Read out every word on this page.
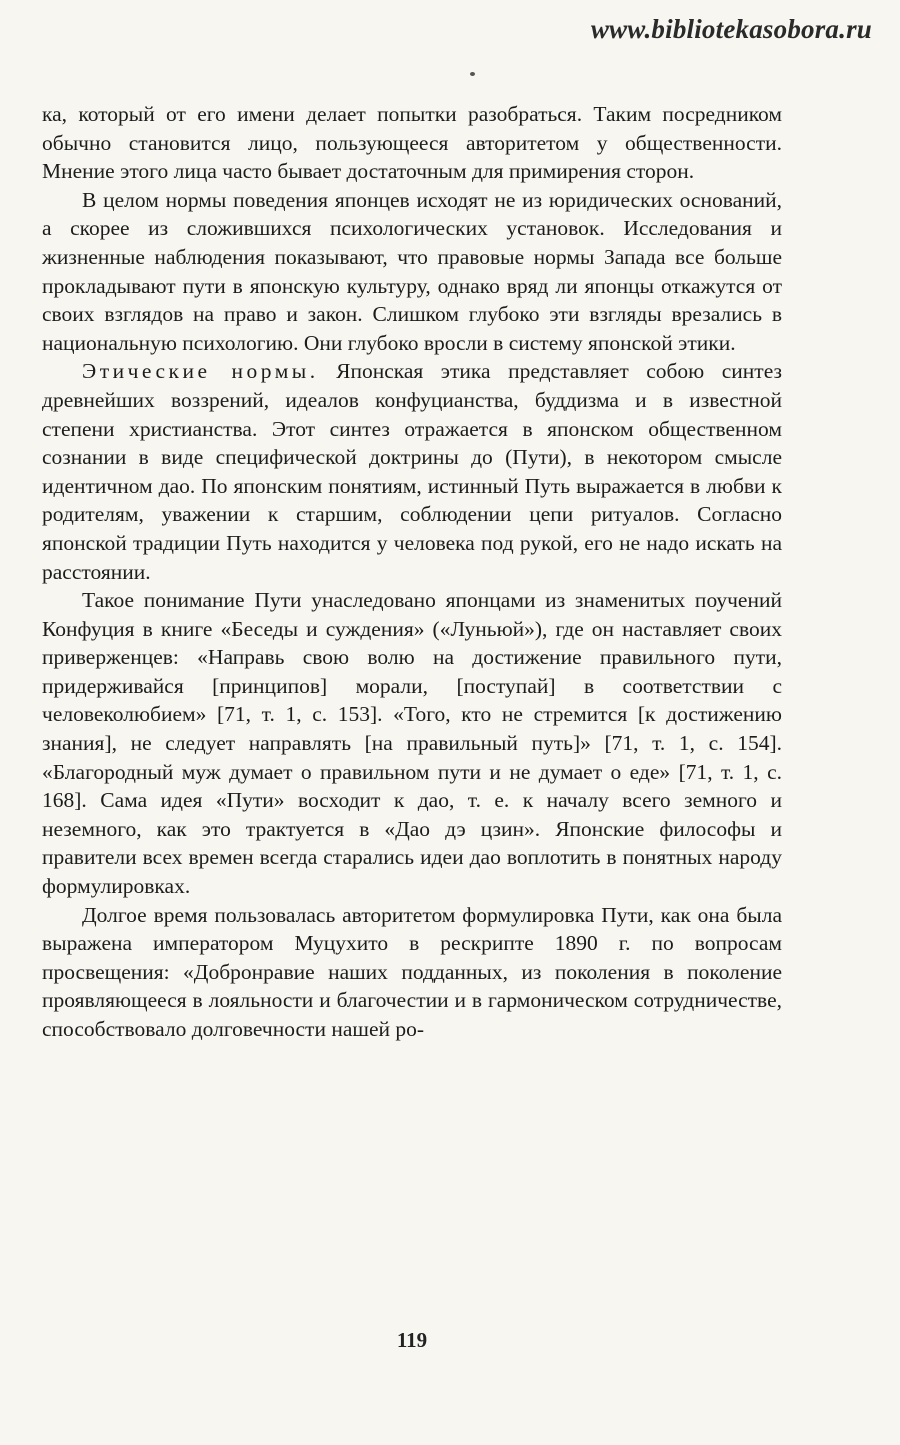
www.bibliotekasobora.ru

ка, который от его имени делает попытки разобраться. Таким посредником обычно становится лицо, пользующееся авторитетом у общественности. Мнение этого лица часто бывает достаточным для примирения сторон.

В целом нормы поведения японцев исходят не из юридических оснований, а скорее из сложившихся психологических установок. Исследования и жизненные наблюдения показывают, что правовые нормы Запада все больше прокладывают пути в японскую культуру, однако вряд ли японцы откажутся от своих взглядов на право и закон. Слишком глубоко эти взгляды врезались в национальную психологию. Они глубоко вросли в систему японской этики.

Этические нормы. Японская этика представляет собою синтез древнейших воззрений, идеалов конфуцианства, буддизма и в известной степени христианства. Этот синтез отражается в японском общественном сознании в виде специфической доктрины до (Пути), в некотором смысле идентичном дао. По японским понятиям, истинный Путь выражается в любви к родителям, уважении к старшим, соблюдении цепи ритуалов. Согласно японской традиции Путь находится у человека под рукой, его не надо искать на расстоянии.

Такое понимание Пути унаследовано японцами из знаменитых поучений Конфуция в книге «Беседы и суждения» («Луньюй»), где он наставляет своих приверженцев: «Направь свою волю на достижение правильного пути, придерживайся [принципов] морали, [поступай] в соответствии с человеколюбием» [71, т. 1, с. 153]. «Того, кто не стремится [к достижению знания], не следует направлять [на правильный путь]» [71, т. 1, с. 154]. «Благородный муж думает о правильном пути и не думает о еде» [71, т. 1, с. 168]. Сама идея «Пути» восходит к дао, т. е. к началу всего земного и неземного, как это трактуется в «Дао дэ цзин». Японские философы и правители всех времен всегда старались идеи дао воплотить в понятных народу формулировках.

Долгое время пользовалась авторитетом формулировка Пути, как она была выражена императором Муцухито в рескрипте 1890 г. по вопросам просвещения: «Добронравие наших подданных, из поколения в поколение проявляющееся в лояльности и благочестии и в гармоническом сотрудничестве, способствовало долговечности нашей ро-

119
